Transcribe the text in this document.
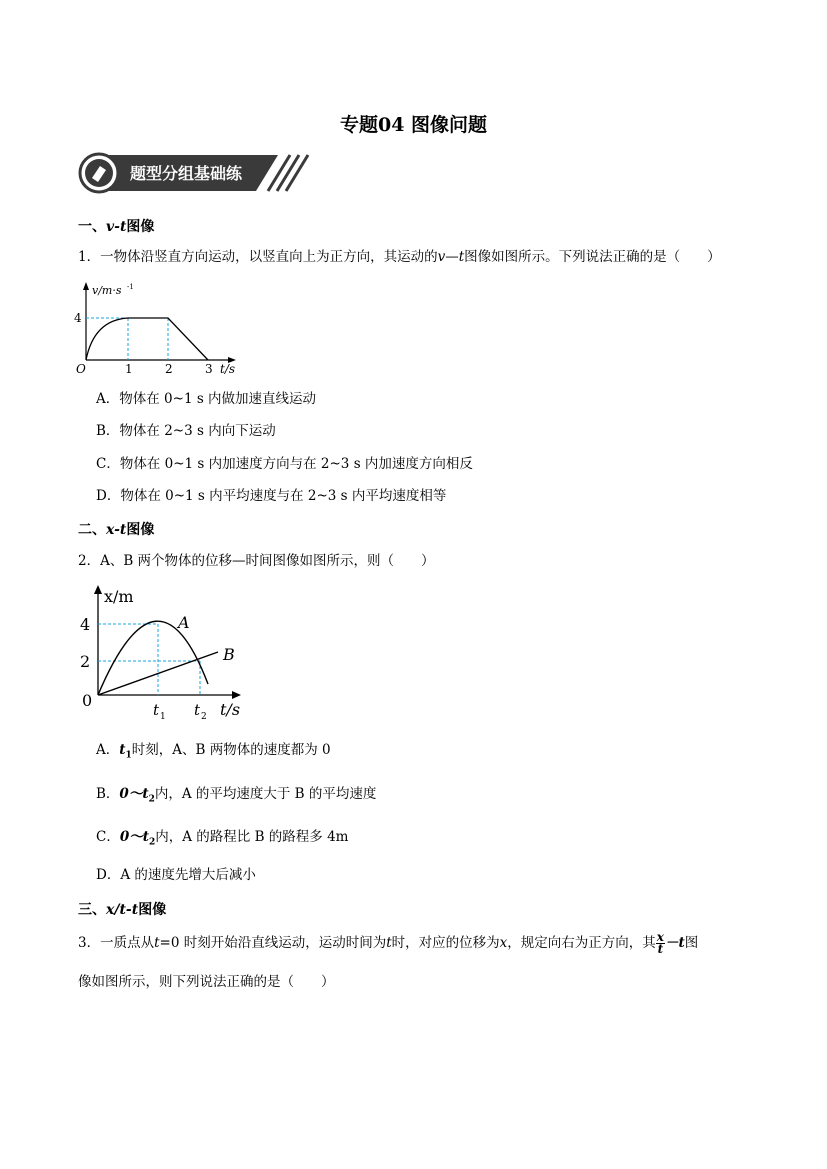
专题04 图像问题
题型分组基础练
一、v-t图像
1．一物体沿竖直方向运动，以竖直向上为正方向，其运动的v—t图像如图所示。下列说法正确的是（　　）
v/m·s -1
4
O	1	2	3 t/s
A．物体在 0~1 s 内做加速直线运动
B．物体在 2~3 s 内向下运动
C．物体在 0~1 s 内加速度方向与在 2~3 s 内加速度方向相反
D．物体在 0~1 s 内平均速度与在 2~3 s 内平均速度相等
二、x-t图像
2．A、B 两个物体的位移—时间图像如图所示，则（　　）
x/m
4
2
0
A
B
t 1 t 2 t/s
A．$t_1$时刻，A、B 两物体的速度都为 0
B．$0\sim t_2$内，A 的平均速度大于 B 的平均速度
C．$0\sim t_2$内，A 的路程比 B 的路程多 4m
D．A 的速度先增大后减小
三、x/t-t图像
3．一质点从t=0 时刻开始沿直线运动，运动时间为t时，对应的位移为x，规定向右为正方向，其 $\frac{x}{t} -t$图
像如图所示，则下列说法正确的是（　　）
